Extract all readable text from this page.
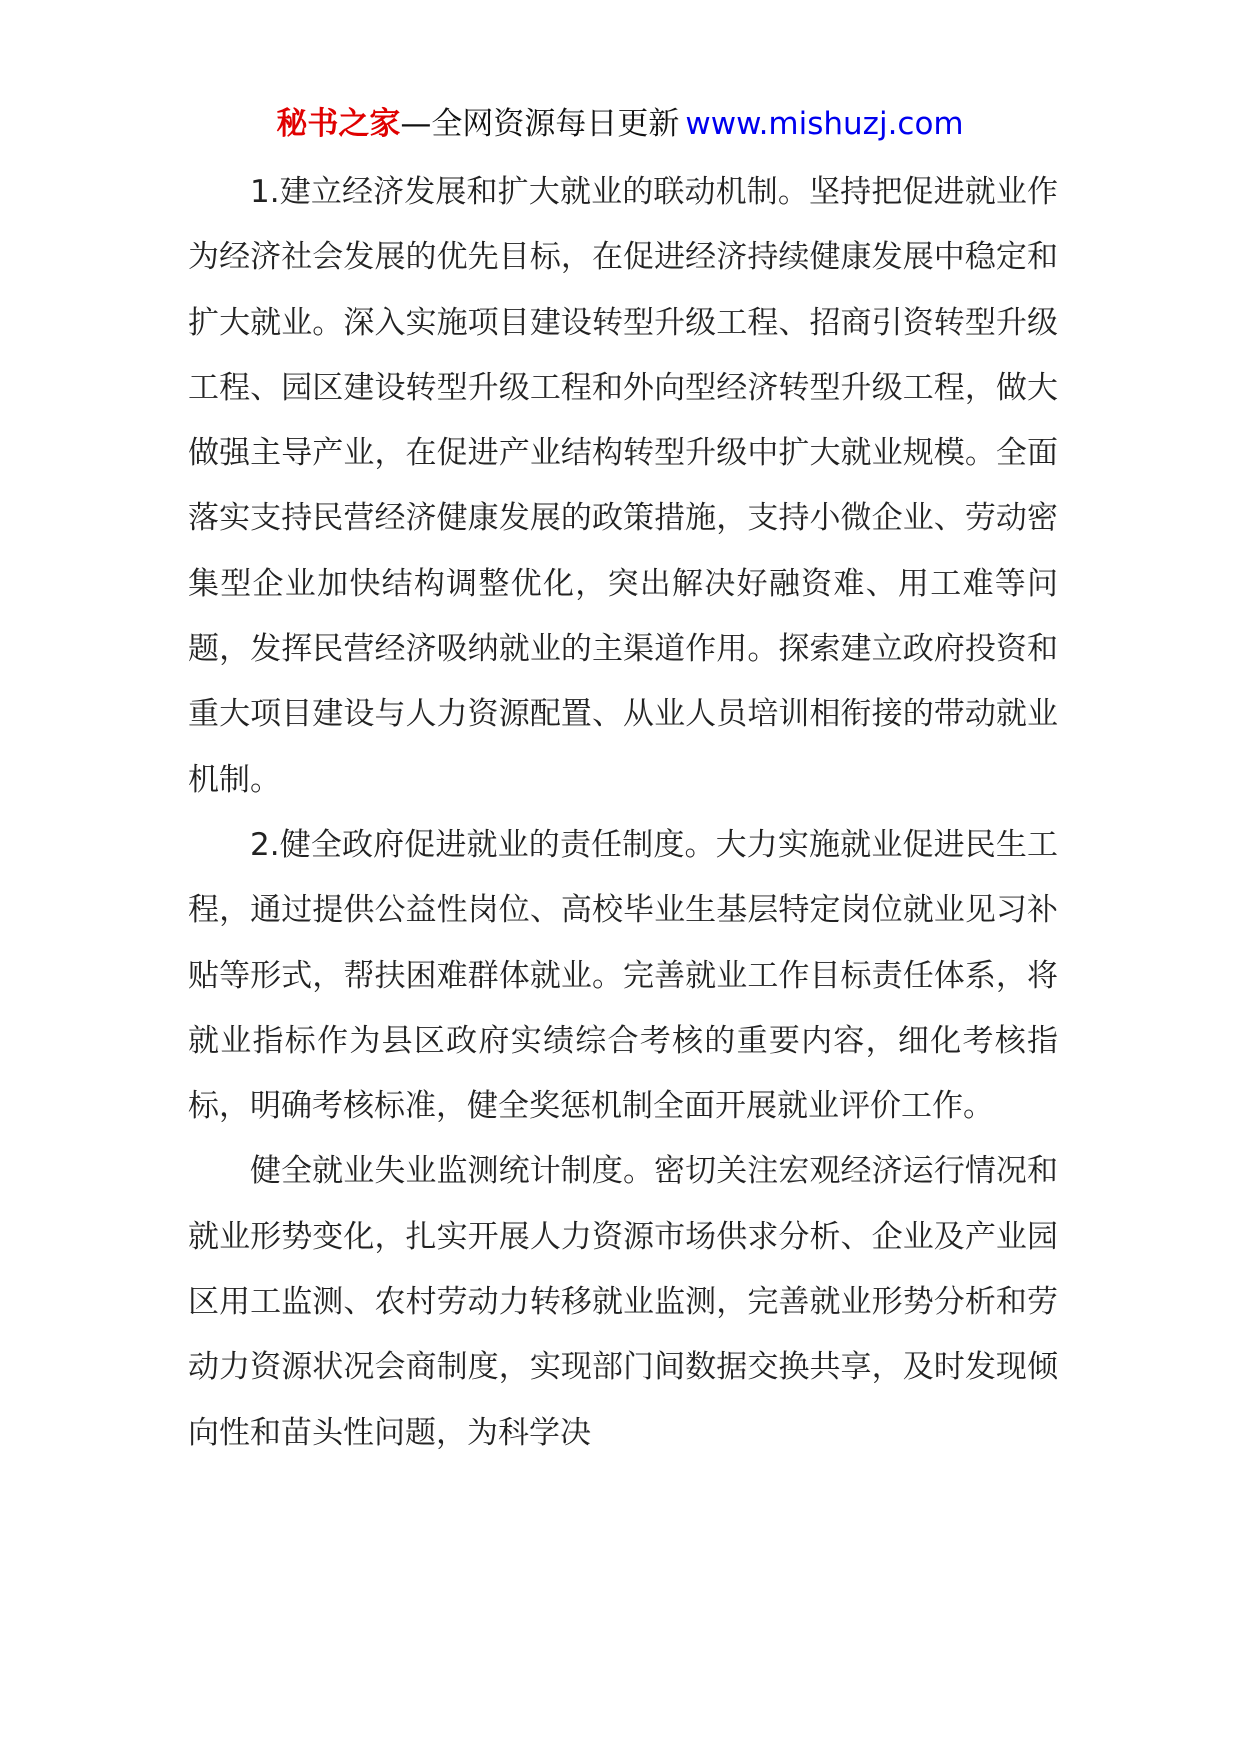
秘书之家—全网资源每日更新 www.mishuzj.com

1.建立经济发展和扩大就业的联动机制。坚持把促进就业作为经济社会发展的优先目标，在促进经济持续健康发展中稳定和扩大就业。深入实施项目建设转型升级工程、招商引资转型升级工程、园区建设转型升级工程和外向型经济转型升级工程，做大做强主导产业，在促进产业结构转型升级中扩大就业规模。全面落实支持民营经济健康发展的政策措施，支持小微企业、劳动密集型企业加快结构调整优化，突出解决好融资难、用工难等问题，发挥民营经济吸纳就业的主渠道作用。探索建立政府投资和重大项目建设与人力资源配置、从业人员培训相衔接的带动就业机制。

2.健全政府促进就业的责任制度。大力实施就业促进民生工程，通过提供公益性岗位、高校毕业生基层特定岗位就业见习补贴等形式，帮扶困难群体就业。完善就业工作目标责任体系，将就业指标作为县区政府实绩综合考核的重要内容，细化考核指标，明确考核标准，健全奖惩机制全面开展就业评价工作。

健全就业失业监测统计制度。密切关注宏观经济运行情况和就业形势变化，扎实开展人力资源市场供求分析、企业及产业园区用工监测、农村劳动力转移就业监测，完善就业形势分析和劳动力资源状况会商制度，实现部门间数据交换共享，及时发现倾向性和苗头性问题，为科学决
